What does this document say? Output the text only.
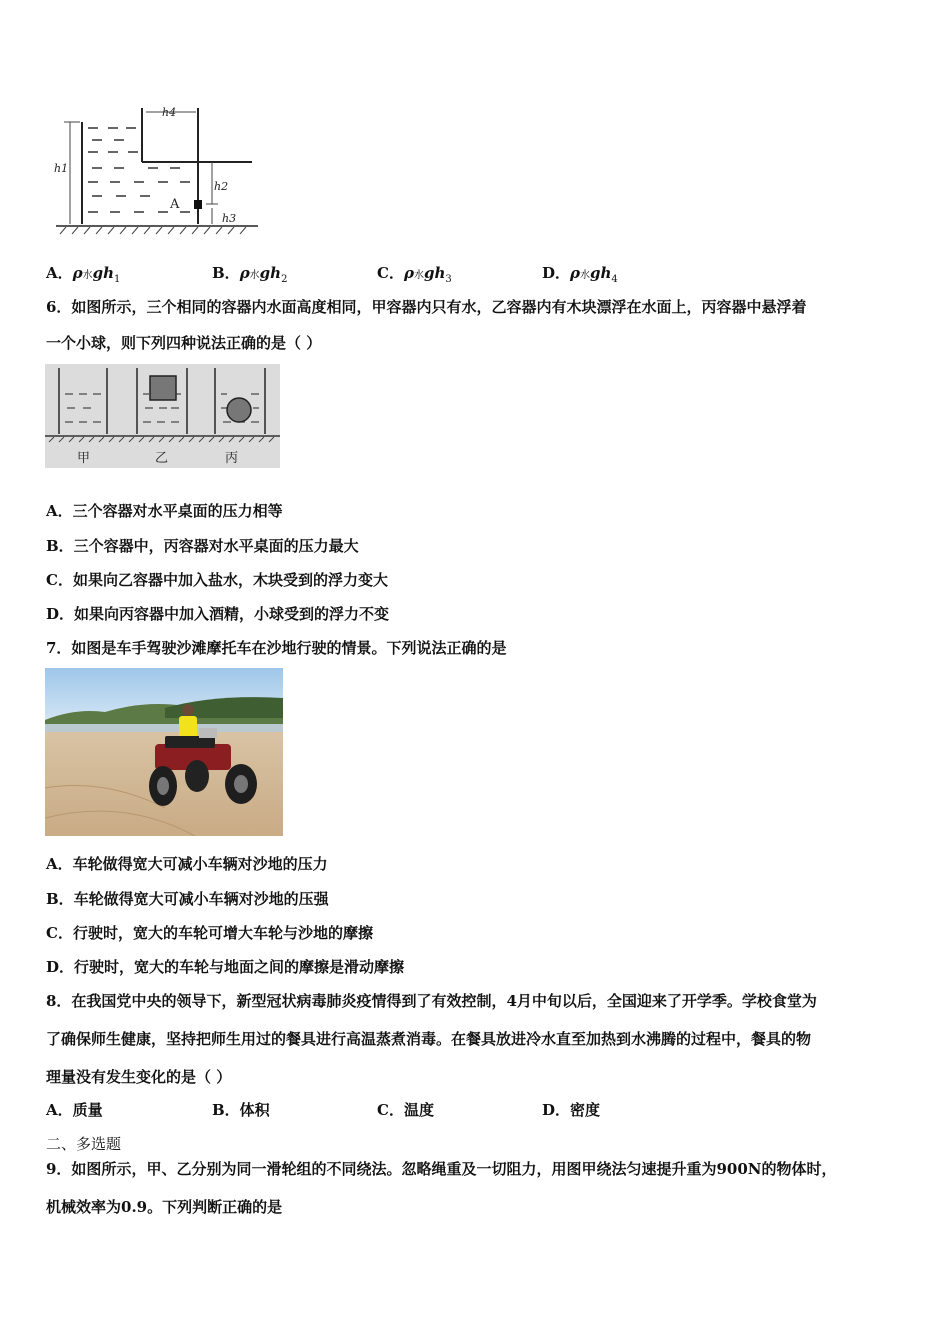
h1
h4
h2
h3
A
A．ρ水$gh_1$	B．ρ水$gh_2$	C．ρ水$gh_3$	D．ρ水$gh_4$
6．如图所示，三个相同的容器内水面高度相同，甲容器内只有水，乙容器内有木块漂浮在水面上，丙容器中悬浮着
一个小球，则下列四种说法正确的是（ ）
甲	乙	丙
A．三个容器对水平桌面的压力相等
B．三个容器中，丙容器对水平桌面的压力最大
C．如果向乙容器中加入盐水，木块受到的浮力变大
D．如果向丙容器中加入酒精，小球受到的浮力不变
7．如图是车手驾驶沙滩摩托车在沙地行驶的情景。下列说法正确的是
A．车轮做得宽大可减小车辆对沙地的压力
B．车轮做得宽大可减小车辆对沙地的压强
C．行驶时，宽大的车轮可增大车轮与沙地的摩擦
D．行驶时，宽大的车轮与地面之间的摩擦是滑动摩擦
8．在我国党中央的领导下，新型冠状病毒肺炎疫情得到了有效控制，4月中旬以后，全国迎来了开学季。学校食堂为
了确保师生健康，坚持把师生用过的餐具进行高温蒸煮消毒。在餐具放进冷水直至加热到水沸腾的过程中，餐具的物
理量没有发生变化的是（ ）
A．质量	B．体积	C．温度	D．密度
二、多选题
9．如图所示，甲、乙分别为同一滑轮组的不同绕法。忽略绳重及一切阻力，用图甲绕法匀速提升重为900N的物体时，
机械效率为0.9。下列判断正确的是
